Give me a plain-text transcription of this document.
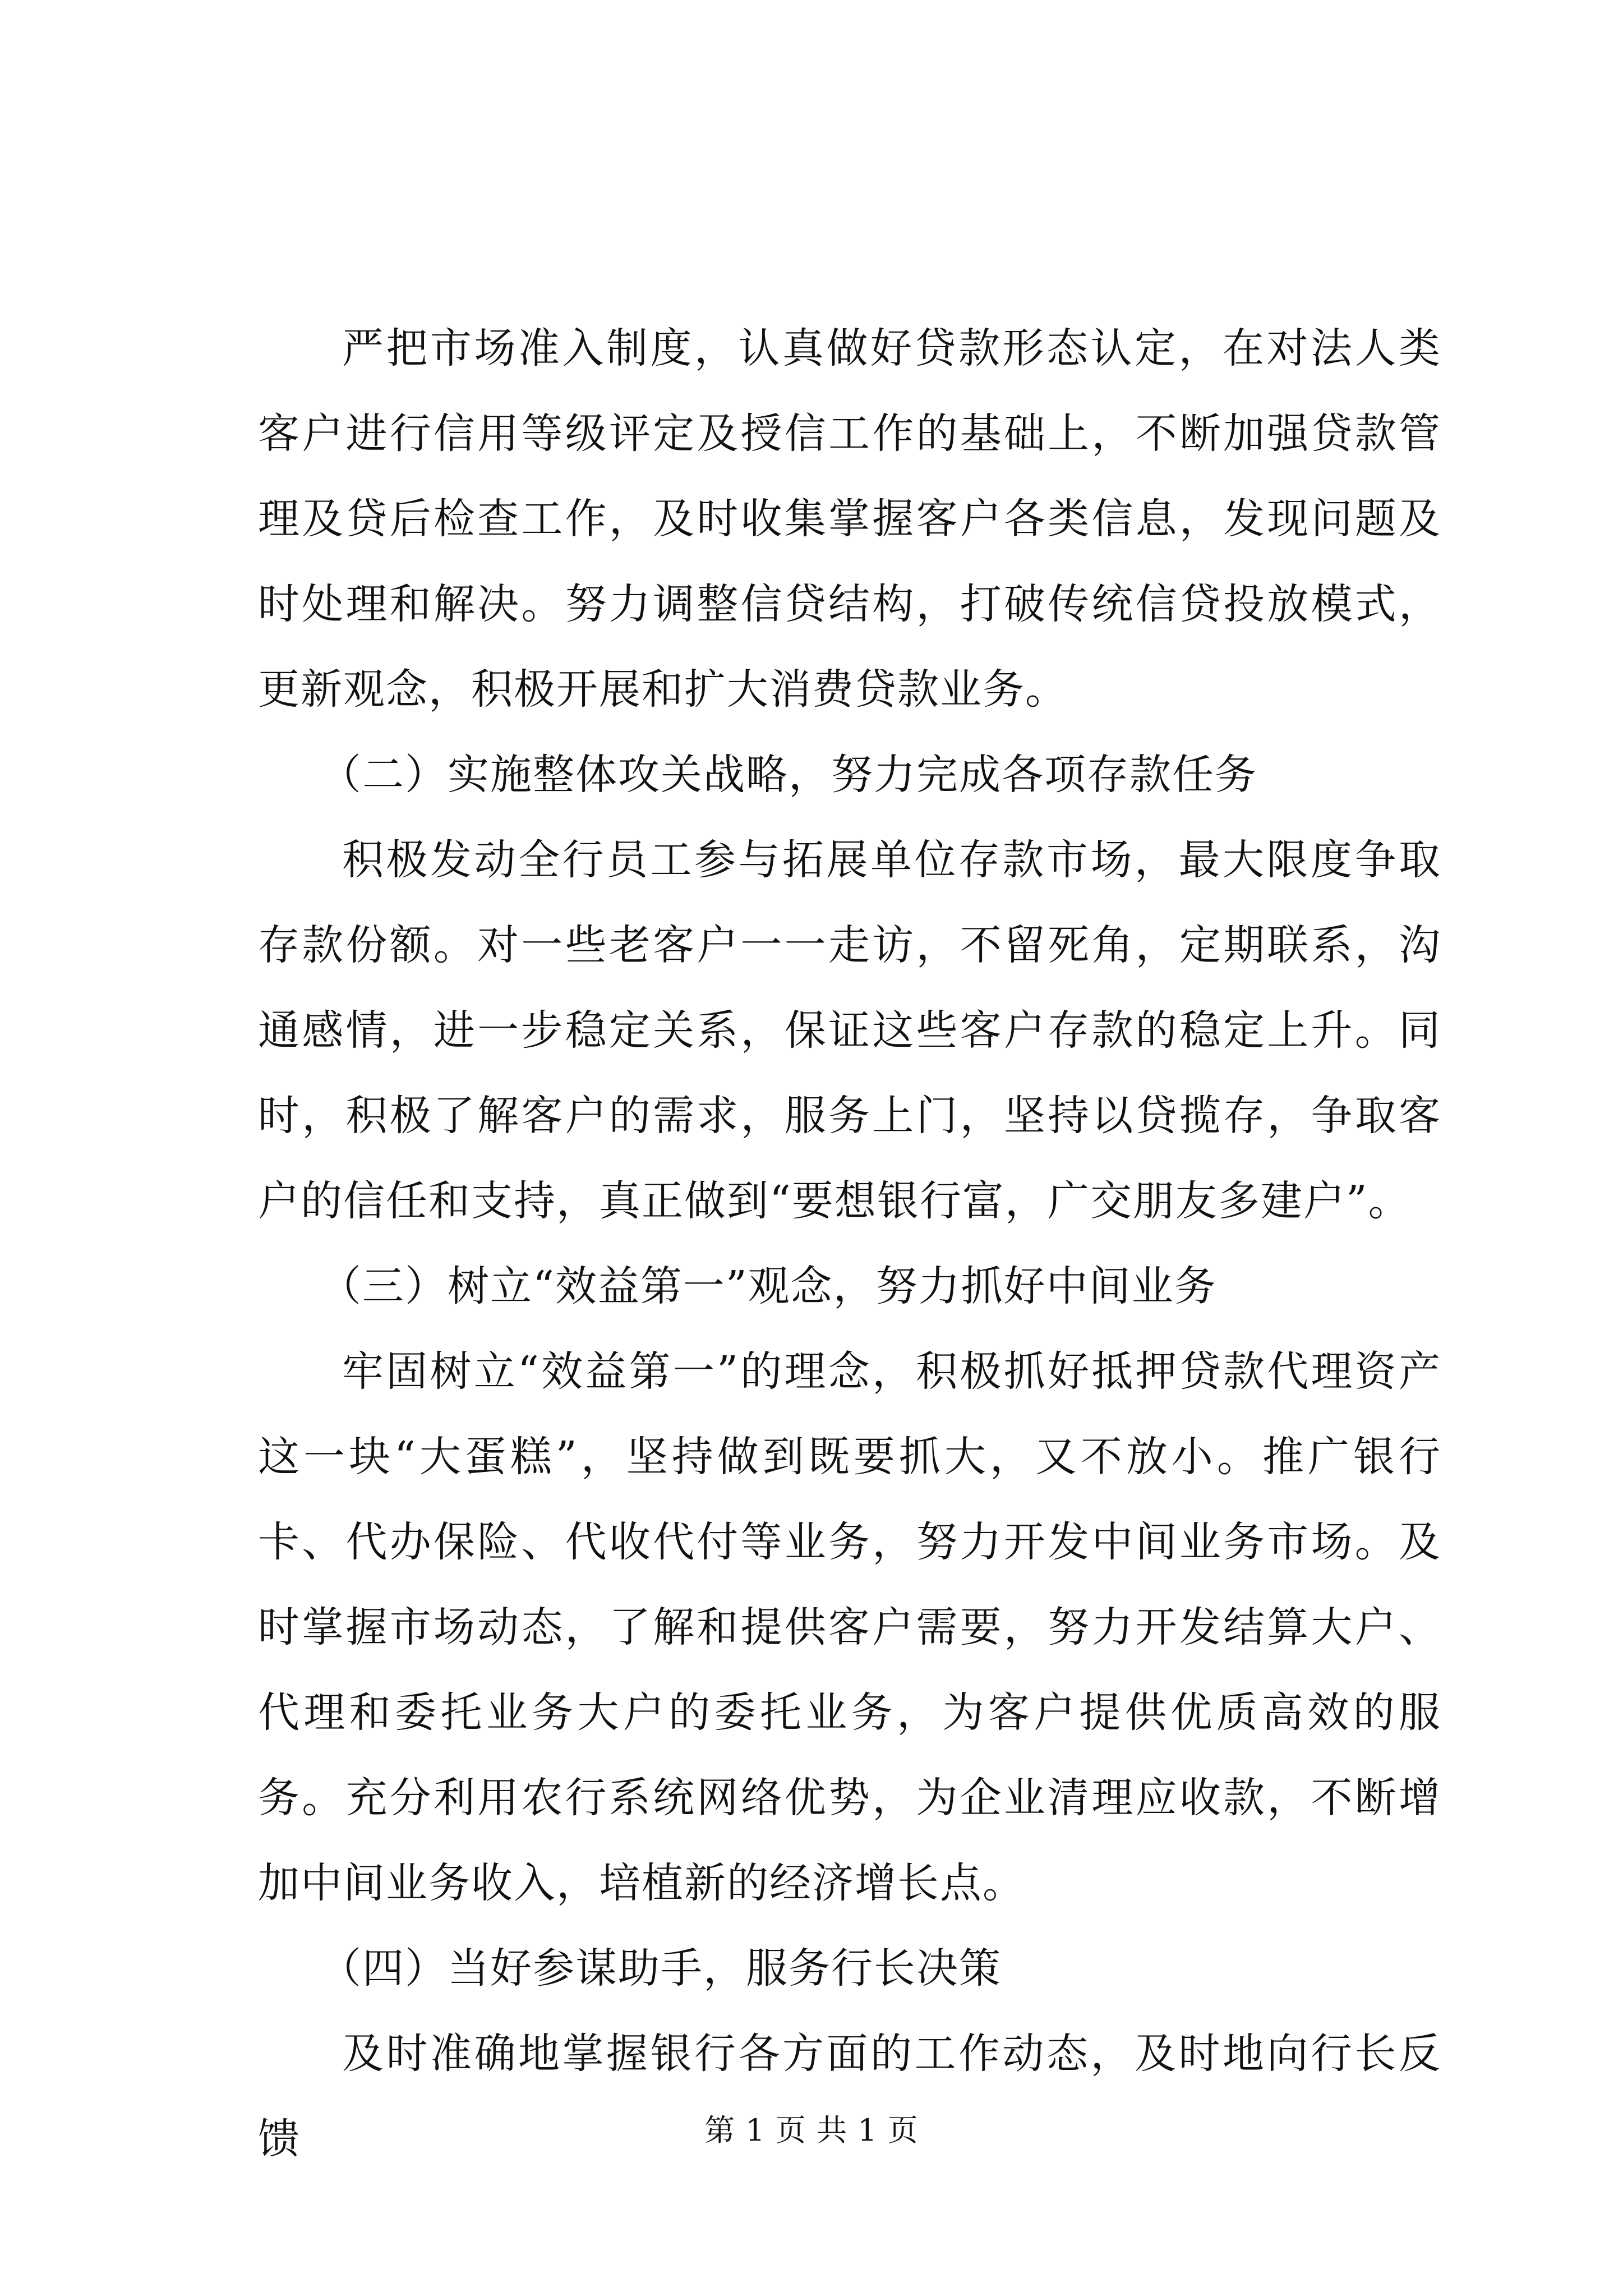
严把市场准入制度，认真做好贷款形态认定，在对法人类客户进行信用等级评定及授信工作的基础上，不断加强贷款管理及贷后检查工作，及时收集掌握客户各类信息，发现问题及时处理和解决。努力调整信贷结构，打破传统信贷投放模式，更新观念，积极开展和扩大消费贷款业务。

（二）实施整体攻关战略，努力完成各项存款任务

积极发动全行员工参与拓展单位存款市场，最大限度争取存款份额。对一些老客户一一走访，不留死角，定期联系，沟通感情，进一步稳定关系，保证这些客户存款的稳定上升。同时，积极了解客户的需求，服务上门，坚持以贷揽存，争取客户的信任和支持，真正做到“要想银行富，广交朋友多建户”。

（三）树立“效益第一”观念，努力抓好中间业务

牢固树立“效益第一”的理念，积极抓好抵押贷款代理资产这一块“大蛋糕”，坚持做到既要抓大，又不放小。推广银行卡、代办保险、代收代付等业务，努力开发中间业务市场。及时掌握市场动态，了解和提供客户需要，努力开发结算大户、代理和委托业务大户的委托业务，为客户提供优质高效的服务。充分利用农行系统网络优势，为企业清理应收款，不断增加中间业务收入，培植新的经济增长点。

（四）当好参谋助手，服务行长决策

及时准确地掌握银行各方面的工作动态，及时地向行长反馈	第 1 页 共 1 页
